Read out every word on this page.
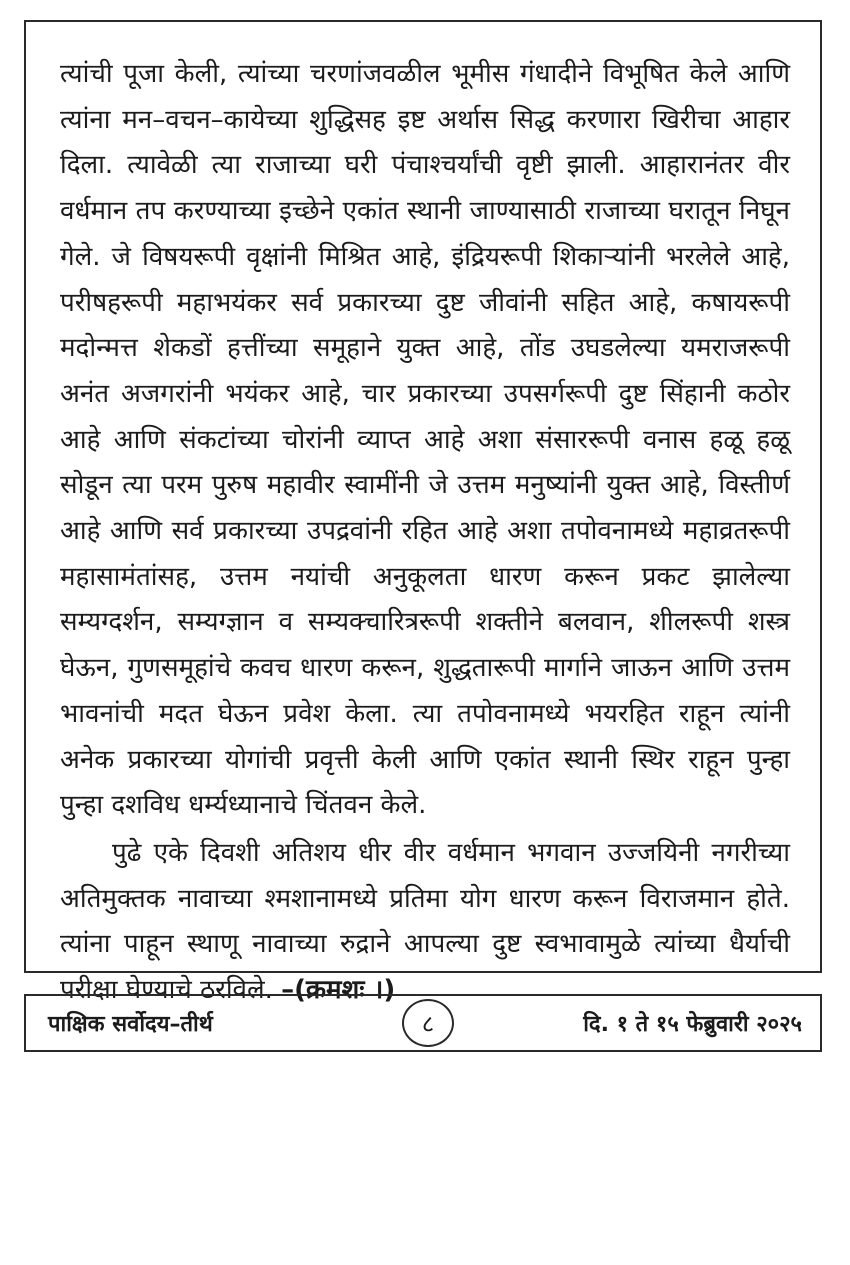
त्यांची पूजा केली, त्यांच्या चरणांजवळील भूमीस गंधादीने विभूषित केले आणि त्यांना मन–वचन–कायेच्या शुद्धिसह इष्ट अर्थास सिद्ध करणारा खिरीचा आहार दिला. त्यावेळी त्या राजाच्या घरी पंचाश्चर्यांची वृष्टी झाली. आहारानंतर वीर वर्धमान तप करण्याच्या इच्छेने एकांत स्थानी जाण्यासाठी राजाच्या घरातून निघून गेले. जे विषयरूपी वृक्षांनी मिश्रित आहे, इंद्रियरूपी शिकाऱ्यांनी भरलेले आहे, परीषहरूपी महाभयंकर सर्व प्रकारच्या दुष्ट जीवांनी सहित आहे, कषायरूपी मदोन्मत्त शेकडों हत्तींच्या समूहाने युक्त आहे, तोंड उघडलेल्या यमराजरूपी अनंत अजगरांनी भयंकर आहे, चार प्रकारच्या उपसर्गरूपी दुष्ट सिंहानी कठोर आहे आणि संकटांच्या चोरांनी व्याप्त आहे अशा संसाररूपी वनास हळू हळू सोडून त्या परम पुरुष महावीर स्वामींनी जे उत्तम मनुष्यांनी युक्त आहे, विस्तीर्ण आहे आणि सर्व प्रकारच्या उपद्रवांनी रहित आहे अशा तपोवनामध्ये महाव्रतरूपी महासामंतांसह, उत्तम नयांची अनुकूलता धारण करून प्रकट झालेल्या सम्यग्दर्शन, सम्यग्ज्ञान व सम्यक्चारित्ररूपी शक्तीने बलवान, शीलरूपी शस्त्र घेऊन, गुणसमूहांचे कवच धारण करून, शुद्धतारूपी मार्गाने जाऊन आणि उत्तम भावनांची मदत घेऊन प्रवेश केला. त्या तपोवनामध्ये भयरहित राहून त्यांनी अनेक प्रकारच्या योगांची प्रवृत्ती केली आणि एकांत स्थानी स्थिर राहून पुन्हा पुन्हा दशविध धर्म्यध्यानाचे चिंतवन केले.

पुढे एके दिवशी अतिशय धीर वीर वर्धमान भगवान उज्जयिनी नगरीच्या अतिमुक्तक नावाच्या श्मशानामध्ये प्रतिमा योग धारण करून विराजमान होते. त्यांना पाहून स्थाणू नावाच्या रुद्राने आपल्या दुष्ट स्वभावामुळे त्यांच्या धैर्याची परीक्षा घेण्याचे ठरविले. –(क्रमशः ।)

पाक्षिक सर्वोदय–तीर्थ	८	दि. १ ते १५ फेब्रुवारी २०२५
